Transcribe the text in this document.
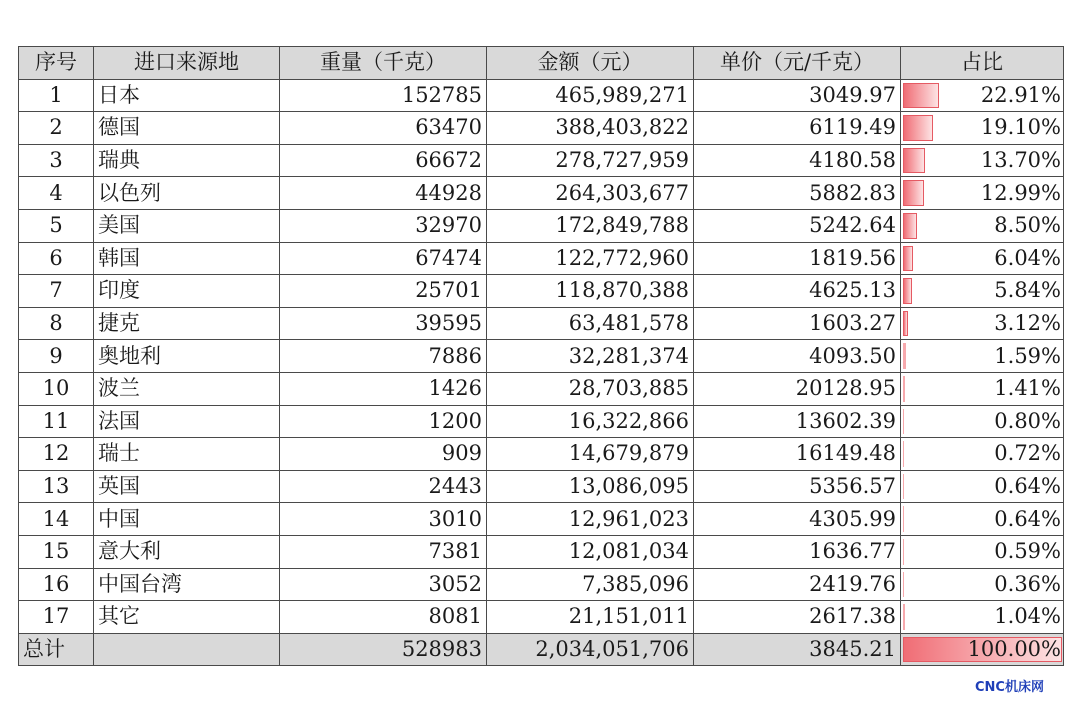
序号	进口来源地	重量（千克）	金额（元）	单价（元/千克）	占比
1	日本	152785	465,989,271	3049.97	22.91%
2	德国	63470	388,403,822	6119.49	19.10%
3	瑞典	66672	278,727,959	4180.58	13.70%
4	以色列	44928	264,303,677	5882.83	12.99%
5	美国	32970	172,849,788	5242.64	8.50%
6	韩国	67474	122,772,960	1819.56	6.04%
7	印度	25701	118,870,388	4625.13	5.84%
8	捷克	39595	63,481,578	1603.27	3.12%
9	奥地利	7886	32,281,374	4093.50	1.59%
10	波兰	1426	28,703,885	20128.95	1.41%
11	法国	1200	16,322,866	13602.39	0.80%
12	瑞士	909	14,679,879	16149.48	0.72%
13	英国	2443	13,086,095	5356.57	0.64%
14	中国	3010	12,961,023	4305.99	0.64%
15	意大利	7381	12,081,034	1636.77	0.59%
16	中国台湾	3052	7,385,096	2419.76	0.36%
17	其它	8081	21,151,011	2617.38	1.04%
总计		528983	2,034,051,706	3845.21	100.00%
CNC机床网
